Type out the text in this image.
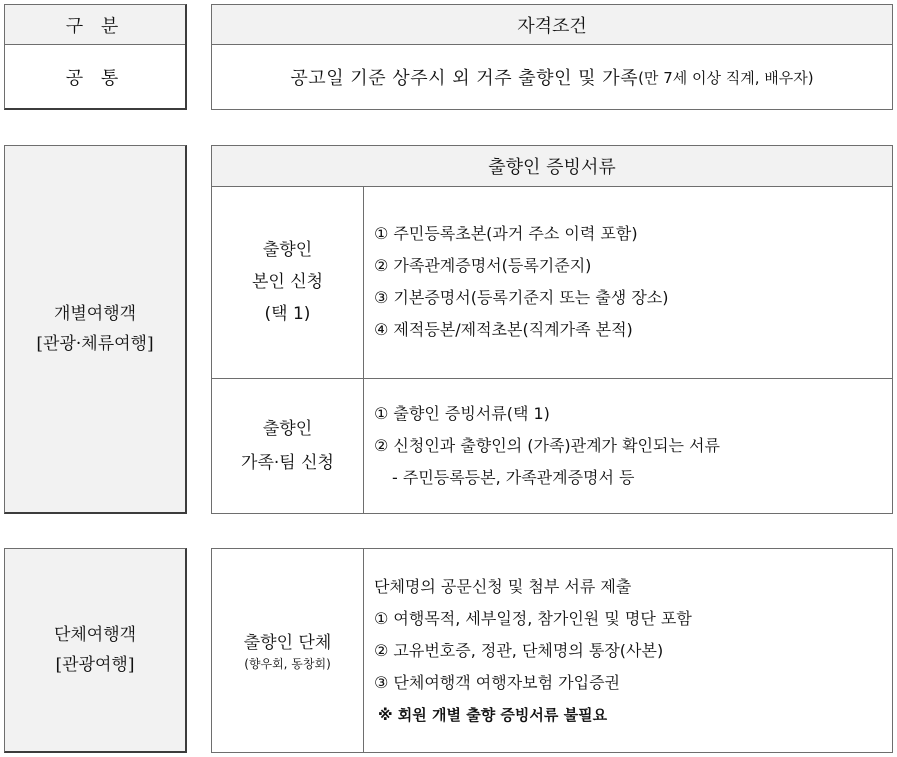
구 분
공 통
자격조건
공고일 기준 상주시 외 거주 출향인 및 가족 (만 7세 이상 직계, 배우자)
개별여행객
[관광·체류여행]
출향인 증빙서류
출향인
본인 신청
(택 1)
① 주민등록초본(과거 주소 이력 포함)
② 가족관계증명서(등록기준지)
③ 기본증명서(등록기준지 또는 출생 장소)
④ 제적등본/제적초본(직계가족 본적)
출향인
가족·팀 신청
① 출향인 증빙서류(택 1)
② 신청인과 출향인의 (가족)관계가 확인되는 서류
- 주민등록등본, 가족관계증명서 등
단체여행객
[관광여행]
출향인 단체
(향우회, 동창회)
단체명의 공문신청 및 첨부 서류 제출
① 여행목적, 세부일정, 참가인원 및 명단 포함
② 고유번호증, 정관, 단체명의 통장(사본)
③ 단체여행객 여행자보험 가입증권
※ 회원 개별 출향 증빙서류 불필요
